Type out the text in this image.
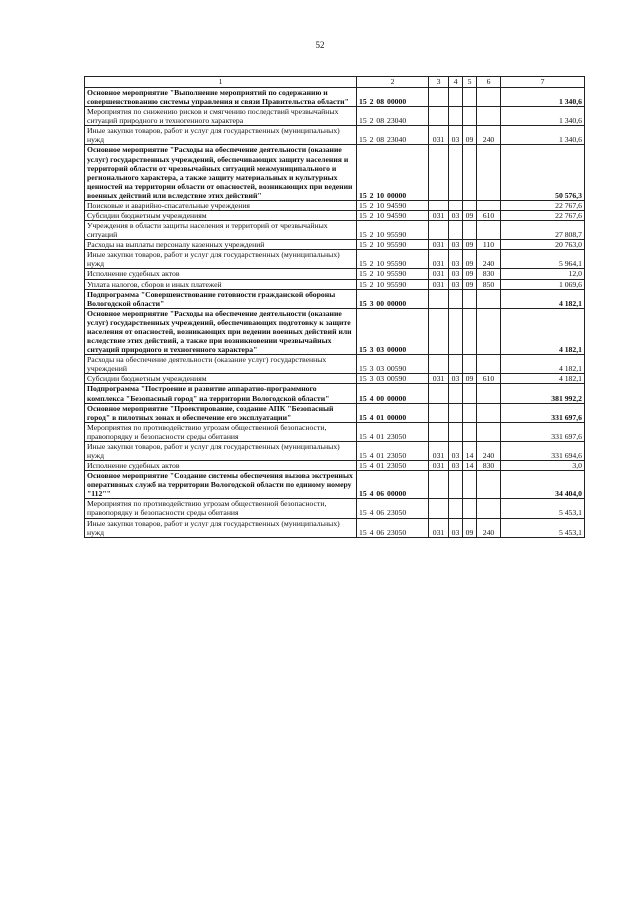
52
1	2	3	4	5	6	7
Основное мероприятие "Выполнение мероприятий по содержанию и совершенствованию системы управления и связи Правительства области"	15 2 08 00000					1 340,6
Мероприятия по снижению рисков и смягчению последствий чрезвычайных ситуаций природного и техногенного характера	15 2 08 23040					1 340,6
Иные закупки товаров, работ и услуг для государственных (муниципальных) нужд	15 2 08 23040	031	03	09	240	1 340,6
Основное мероприятие "Расходы на обеспечение деятельности (оказание услуг) государственных учреждений, обеспечивающих защиту населения и территорий области от чрезвычайных ситуаций межмуниципального и регионального характера, а также защиту материальных и культурных ценностей на территории области от опасностей, возникающих при ведении военных действий или вследствие этих действий"	15 2 10 00000					50 576,3
Поисковые и аварийно-спасательные учреждения	15 2 10 94590					22 767,6
Субсидии бюджетным учреждениям	15 2 10 94590	031	03	09	610	22 767,6
Учреждения в области защиты населения и территорий от чрезвычайных ситуаций	15 2 10 95590					27 808,7
Расходы на выплаты персоналу казенных учреждений	15 2 10 95590	031	03	09	110	20 763,0
Иные закупки товаров, работ и услуг для государственных (муниципальных) нужд	15 2 10 95590	031	03	09	240	5 964,1
Исполнение судебных актов	15 2 10 95590	031	03	09	830	12,0
Уплата налогов, сборов и иных платежей	15 2 10 95590	031	03	09	850	1 069,6
Подпрограмма "Совершенствование готовности гражданской обороны Вологодской области"	15 3 00 00000					4 182,1
Основное мероприятие "Расходы на обеспечение деятельности (оказание услуг) государственных учреждений, обеспечивающих подготовку к защите населения от опасностей, возникающих при ведении военных действий или вследствие этих действий, а также при возникновении чрезвычайных ситуаций природного и техногенного характера"	15 3 03 00000					4 182,1
Расходы на обеспечение деятельности (оказание услуг) государственных учреждений	15 3 03 00590					4 182,1
Субсидии бюджетным учреждениям	15 3 03 00590	031	03	09	610	4 182,1
Подпрограмма "Построение и развитие аппаратно-программного комплекса "Безопасный город" на территории Вологодской области"	15 4 00 00000					381 992,2
Основное мероприятие "Проектирование, создание АПК "Безопасный город" в пилотных зонах и обеспечение его эксплуатации"	15 4 01 00000					331 697,6
Мероприятия по противодействию угрозам общественной безопасности, правопорядку и безопасности среды обитания	15 4 01 23050					331 697,6
Иные закупки товаров, работ и услуг для государственных (муниципальных) нужд	15 4 01 23050	031	03	14	240	331 694,6
Исполнение судебных актов	15 4 01 23050	031	03	14	830	3,0
Основное мероприятие "Создание системы обеспечения вызова экстренных оперативных служб на территории Вологодской области по единому номеру "112""	15 4 06 00000					34 404,0
Мероприятия по противодействию угрозам общественной безопасности, правопорядку и безопасности среды обитания	15 4 06 23050					5 453,1
Иные закупки товаров, работ и услуг для государственных (муниципальных) нужд	15 4 06 23050	031	03	09	240	5 453,1
